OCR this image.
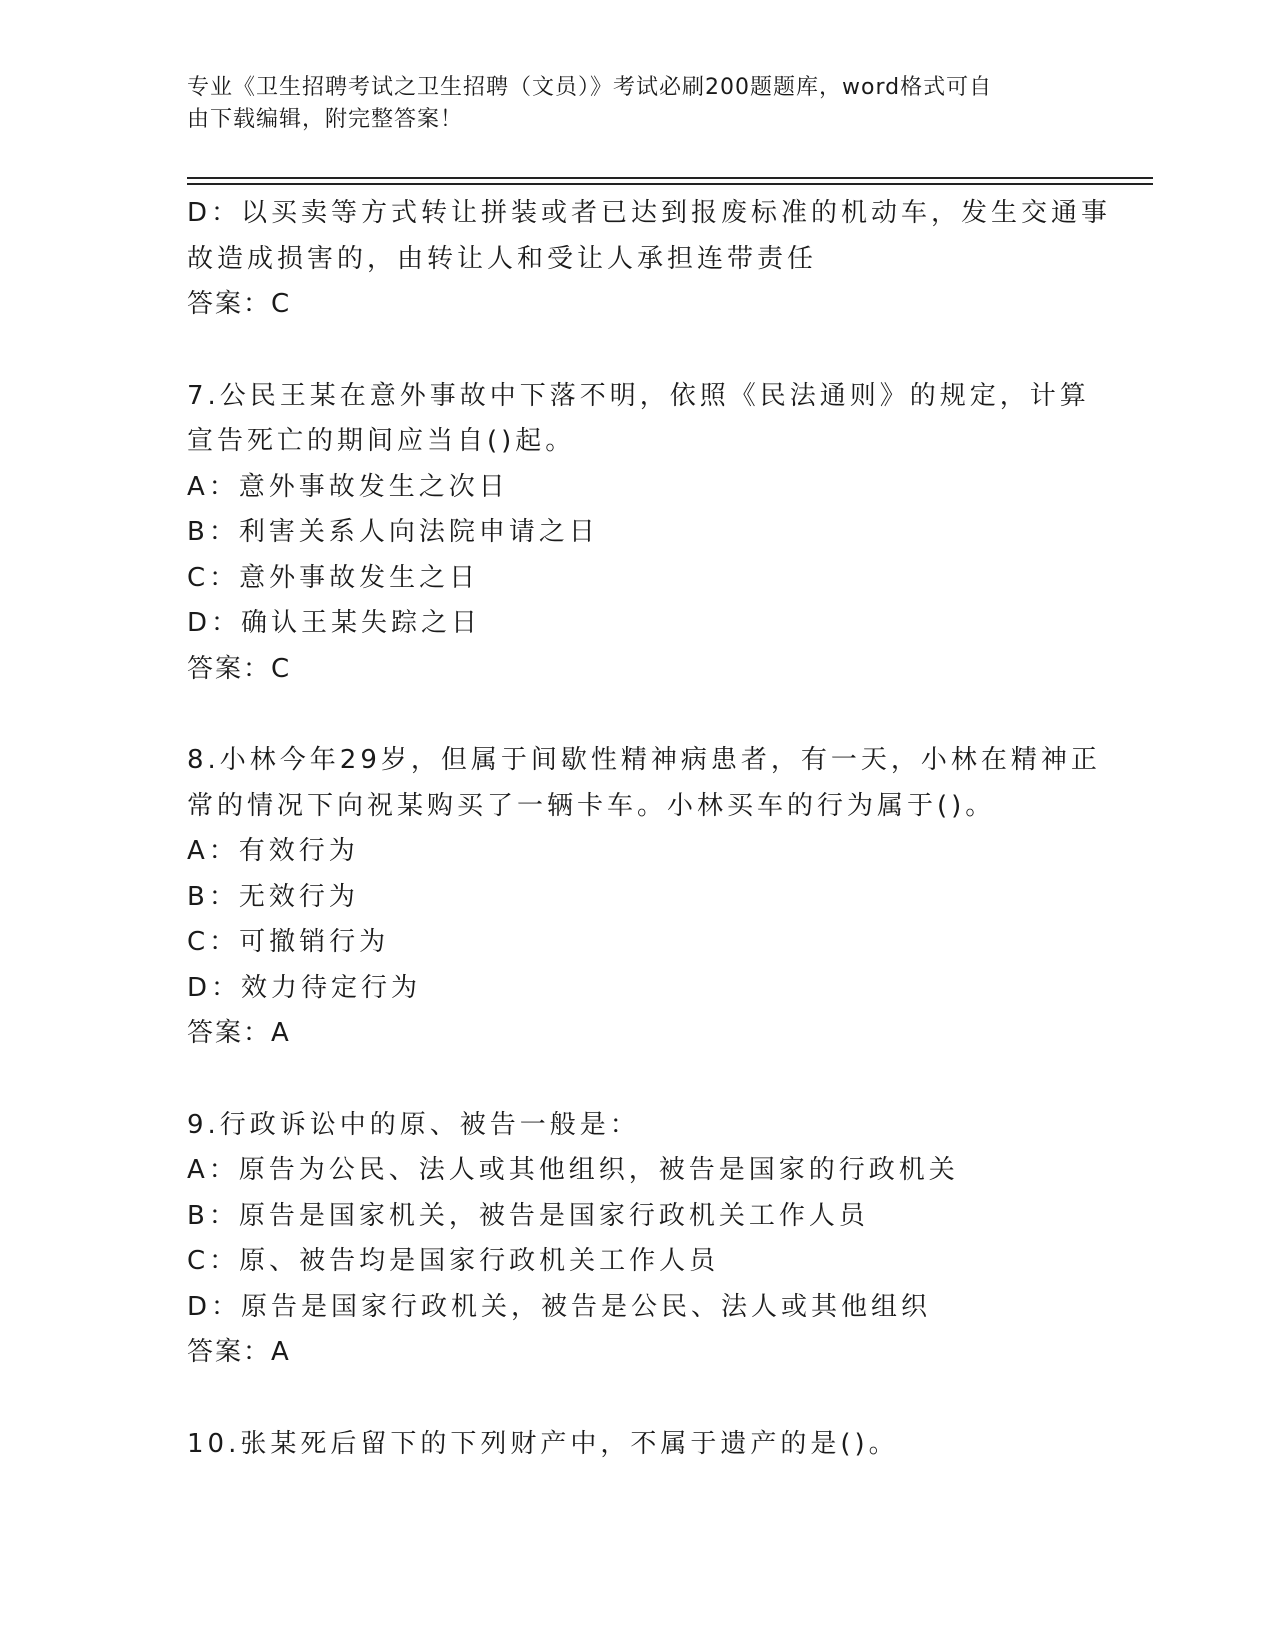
专业《卫生招聘考试之卫生招聘（文员）》考试必刷200题题库，word格式可自
由下载编辑，附完整答案！
D：以买卖等方式转让拼装或者已达到报废标准的机动车，发生交通事
故造成损害的，由转让人和受让人承担连带责任
答案：C
7.公民王某在意外事故中下落不明，依照《民法通则》的规定，计算
宣告死亡的期间应当自()起。
A：意外事故发生之次日
B：利害关系人向法院申请之日
C：意外事故发生之日
D：确认王某失踪之日
答案：C
8.小林今年29岁，但属于间歇性精神病患者，有一天，小林在精神正
常的情况下向祝某购买了一辆卡车。小林买车的行为属于()。
A：有效行为
B：无效行为
C：可撤销行为
D：效力待定行为
答案：A
9.行政诉讼中的原、被告一般是：
A：原告为公民、法人或其他组织，被告是国家的行政机关
B：原告是国家机关，被告是国家行政机关工作人员
C：原、被告均是国家行政机关工作人员
D：原告是国家行政机关，被告是公民、法人或其他组织
答案：A
10.张某死后留下的下列财产中，不属于遗产的是()。
